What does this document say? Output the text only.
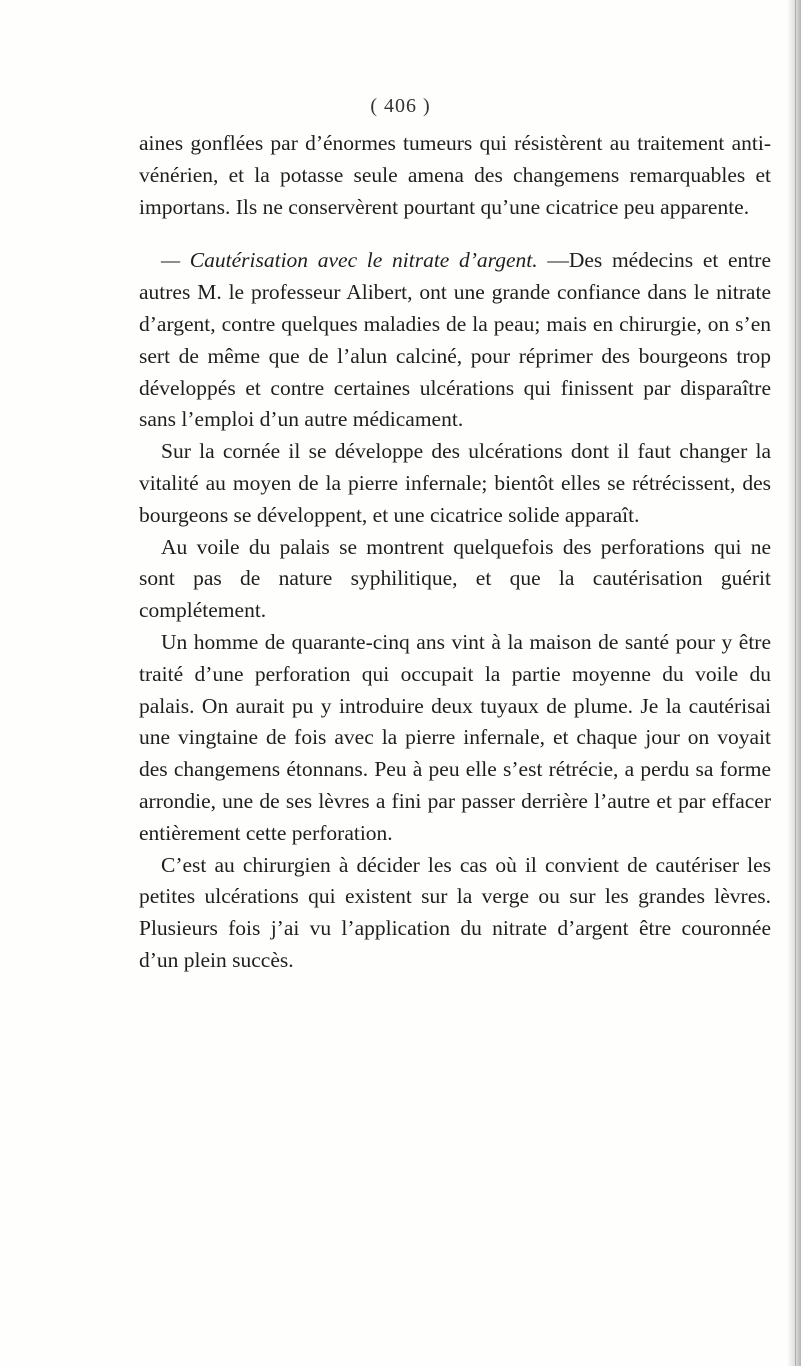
( 406 )

aines gonflées par d’énormes tumeurs qui résistèrent au traitement anti-vénérien, et la potasse seule amena des changemens remarquables et importans. Ils ne conservèrent pourtant qu’une cicatrice peu apparente.

— Cautérisation avec le nitrate d’argent. —Des médecins et entre autres M. le professeur Alibert, ont une grande confiance dans le nitrate d’argent, contre quelques maladies de la peau; mais en chirurgie, on s’en sert de même que de l’alun calciné, pour réprimer des bourgeons trop développés et contre certaines ulcérations qui finissent par disparaître sans l’emploi d’un autre médicament.

Sur la cornée il se développe des ulcérations dont il faut changer la vitalité au moyen de la pierre infernale; bientôt elles se rétrécissent, des bourgeons se développent, et une cicatrice solide apparaît.

Au voile du palais se montrent quelquefois des perforations qui ne sont pas de nature syphilitique, et que la cautérisation guérit complétement.

Un homme de quarante-cinq ans vint à la maison de santé pour y être traité d’une perforation qui occupait la partie moyenne du voile du palais. On aurait pu y introduire deux tuyaux de plume. Je la cautérisai une vingtaine de fois avec la pierre infernale, et chaque jour on voyait des changemens étonnans. Peu à peu elle s’est rétrécie, a perdu sa forme arrondie, une de ses lèvres a fini par passer derrière l’autre et par effacer entièrement cette perforation.

C’est au chirurgien à décider les cas où il convient de cautériser les petites ulcérations qui existent sur la verge ou sur les grandes lèvres. Plusieurs fois j’ai vu l’application du nitrate d’argent être couronnée d’un plein succès.
